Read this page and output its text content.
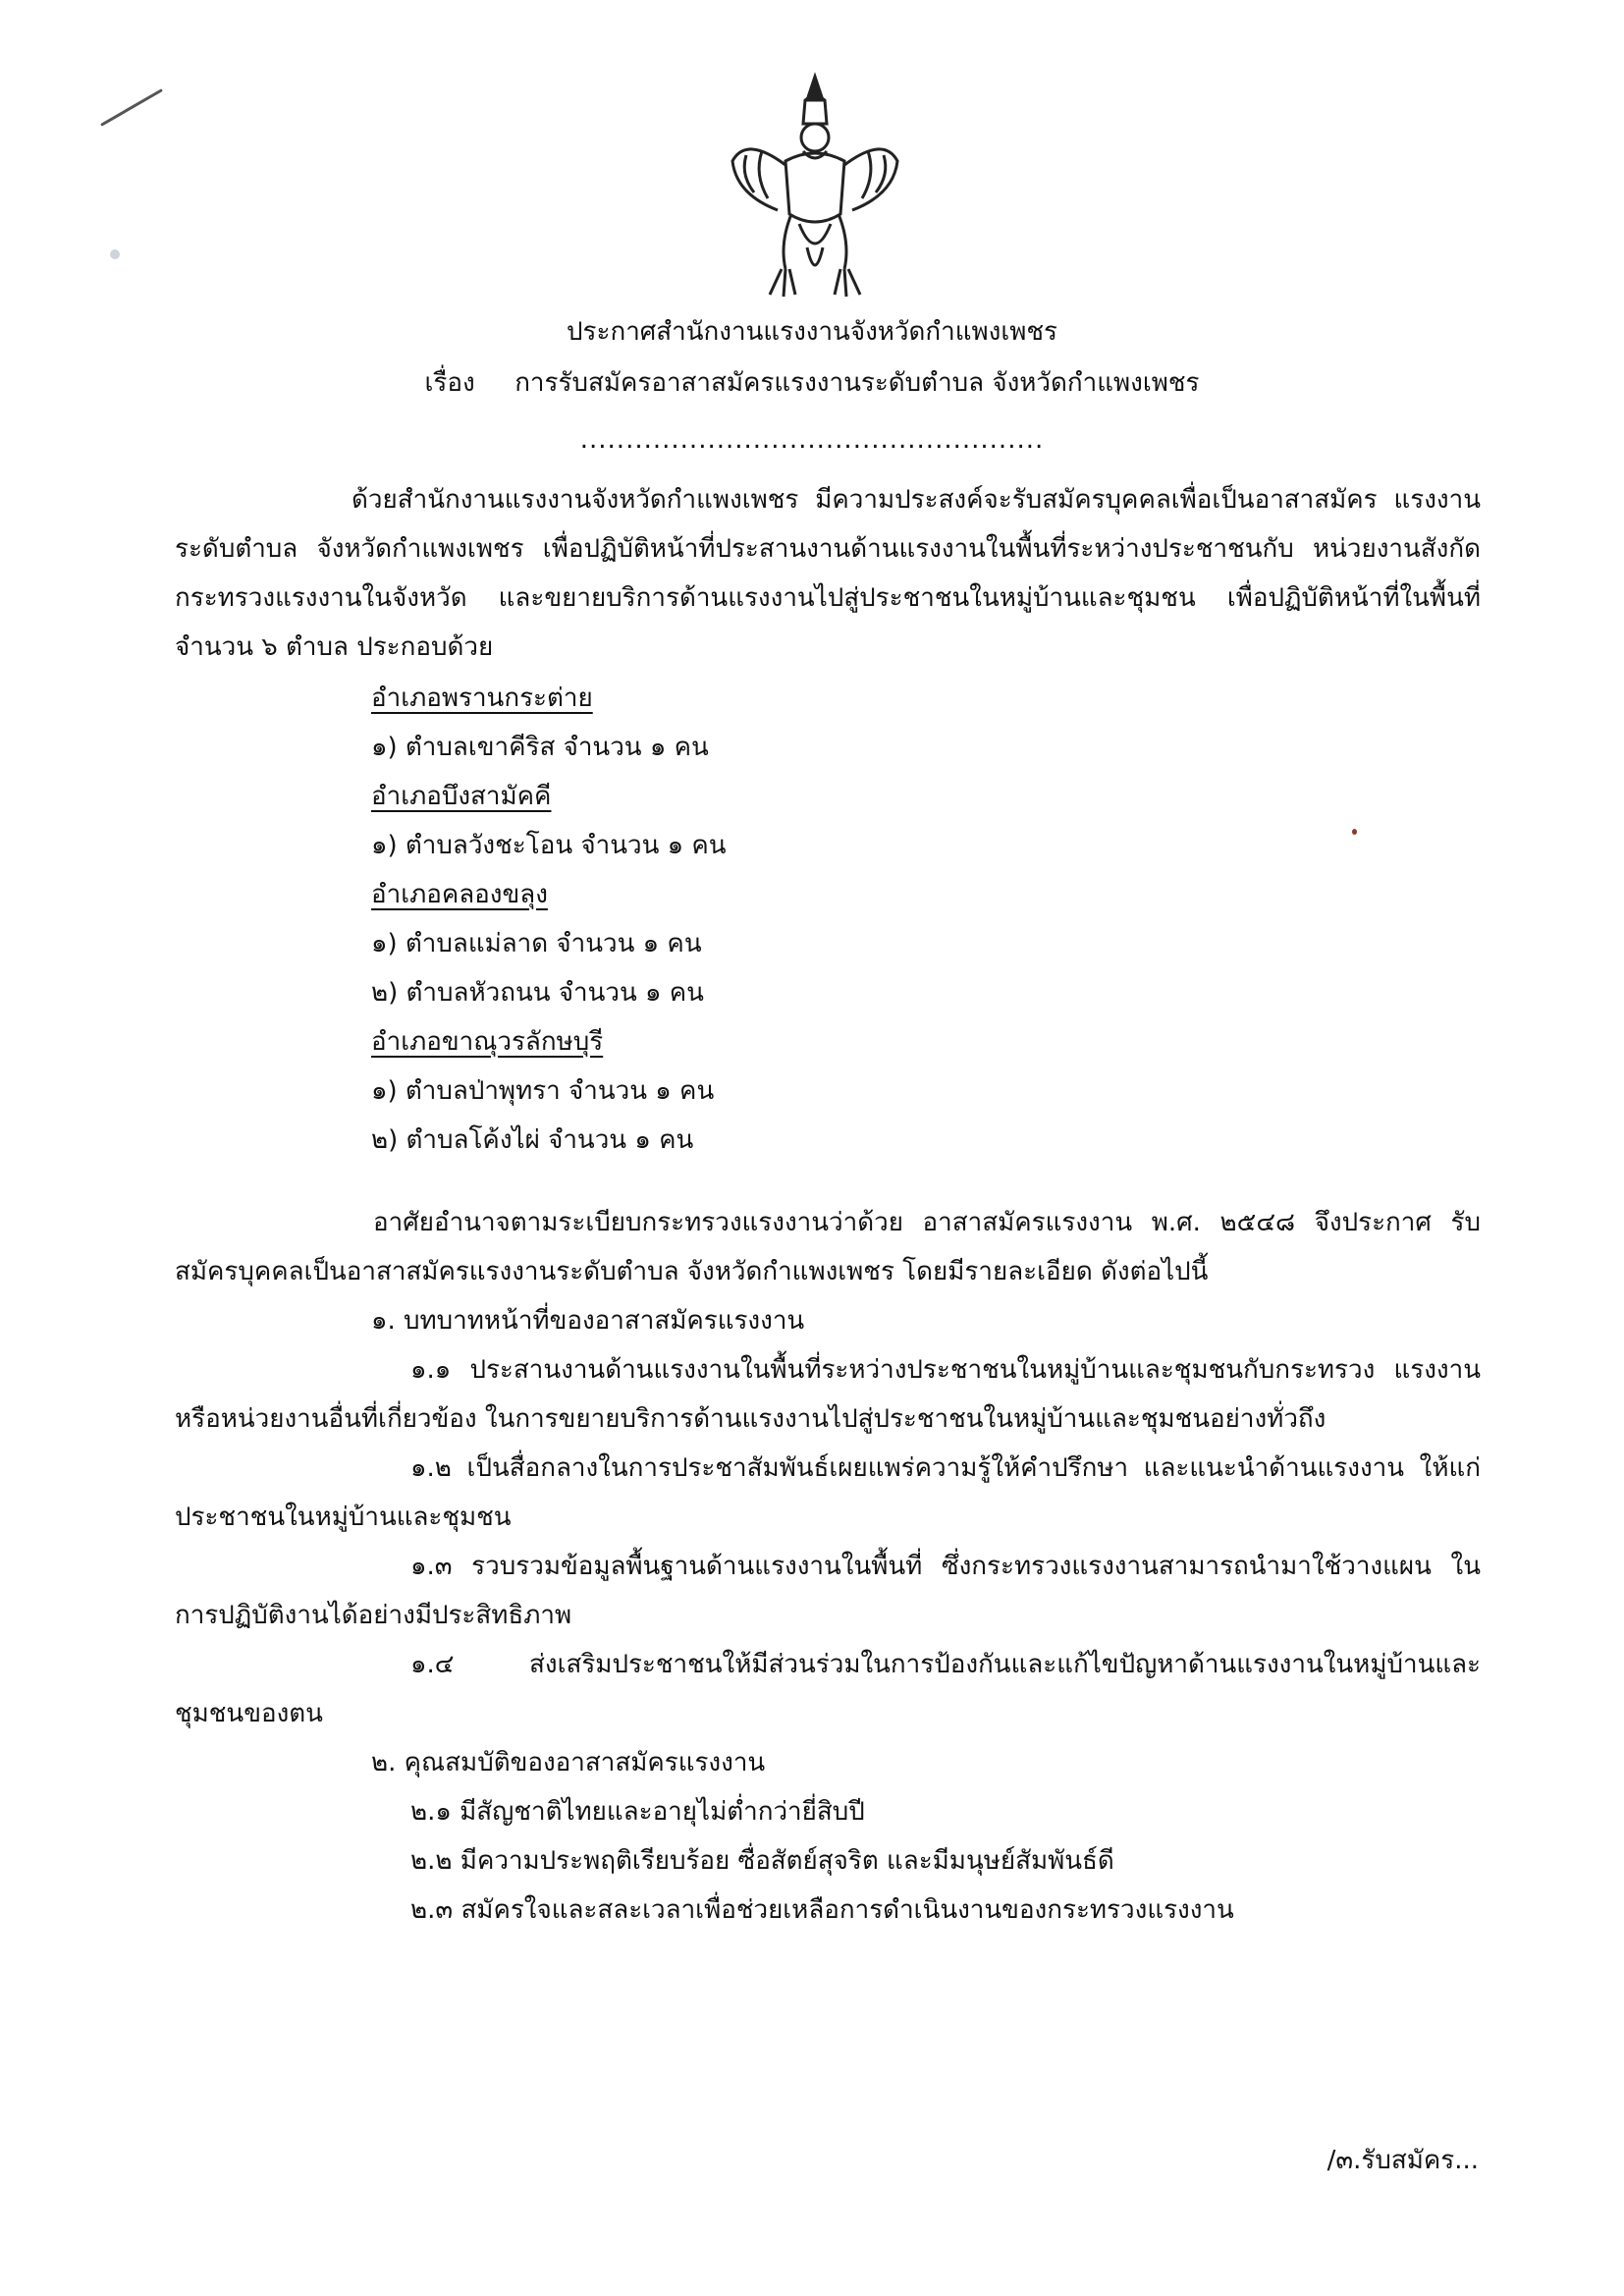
ประกาศสำนักงานแรงงานจังหวัดกำแพงเพชร
เรื่อง การรับสมัครอาสาสมัครแรงงานระดับตำบล จังหวัดกำแพงเพชร
...................................................
ด้วยสำนักงานแรงงานจังหวัดกำแพงเพชร มีความประสงค์จะรับสมัครบุคคลเพื่อเป็นอาสาสมัคร แรงงานระดับตำบล จังหวัดกำแพงเพชร เพื่อปฏิบัติหน้าที่ประสานงานด้านแรงงานในพื้นที่ระหว่างประชาชนกับ หน่วยงานสังกัดกระทรวงแรงงานในจังหวัด และขยายบริการด้านแรงงานไปสู่ประชาชนในหมู่บ้านและชุมชน เพื่อปฏิบัติหน้าที่ในพื้นที่ จำนวน ๖ ตำบล ประกอบด้วย
อำเภอพรานกระต่าย
๑) ตำบลเขาคีริส จำนวน ๑ คน
อำเภอบึงสามัคคี
๑) ตำบลวังชะโอน จำนวน ๑ คน
อำเภอคลองขลุง
๑) ตำบลแม่ลาด จำนวน ๑ คน
๒) ตำบลหัวถนน จำนวน ๑ คน
อำเภอขาณุวรลักษบุรี
๑) ตำบลป่าพุทรา จำนวน ๑ คน
๒) ตำบลโค้งไผ่ จำนวน ๑ คน
อาศัยอำนาจตามระเบียบกระทรวงแรงงานว่าด้วย อาสาสมัครแรงงาน พ.ศ. ๒๕๔๘ จึงประกาศ รับสมัครบุคคลเป็นอาสาสมัครแรงงานระดับตำบล จังหวัดกำแพงเพชร โดยมีรายละเอียด ดังต่อไปนี้
๑. บทบาทหน้าที่ของอาสาสมัครแรงงาน
๑.๑ ประสานงานด้านแรงงานในพื้นที่ระหว่างประชาชนในหมู่บ้านและชุมชนกับกระทรวง แรงงานหรือหน่วยงานอื่นที่เกี่ยวข้อง ในการขยายบริการด้านแรงงานไปสู่ประชาชนในหมู่บ้านและชุมชนอย่างทั่วถึง
๑.๒ เป็นสื่อกลางในการประชาสัมพันธ์เผยแพร่ความรู้ให้คำปรึกษา และแนะนำด้านแรงงาน ให้แก่ประชาชนในหมู่บ้านและชุมชน
๑.๓ รวบรวมข้อมูลพื้นฐานด้านแรงงานในพื้นที่ ซึ่งกระทรวงแรงงานสามารถนำมาใช้วางแผน ในการปฏิบัติงานได้อย่างมีประสิทธิภาพ
๑.๔ ส่งเสริมประชาชนให้มีส่วนร่วมในการป้องกันและแก้ไขปัญหาด้านแรงงานในหมู่บ้านและ ชุมชนของตน
๒. คุณสมบัติของอาสาสมัครแรงงาน
๒.๑ มีสัญชาติไทยและอายุไม่ต่ำกว่ายี่สิบปี
๒.๒ มีความประพฤติเรียบร้อย ซื่อสัตย์สุจริต และมีมนุษย์สัมพันธ์ดี
๒.๓ สมัครใจและสละเวลาเพื่อช่วยเหลือการดำเนินงานของกระทรวงแรงงาน
/๓.รับสมัคร...
